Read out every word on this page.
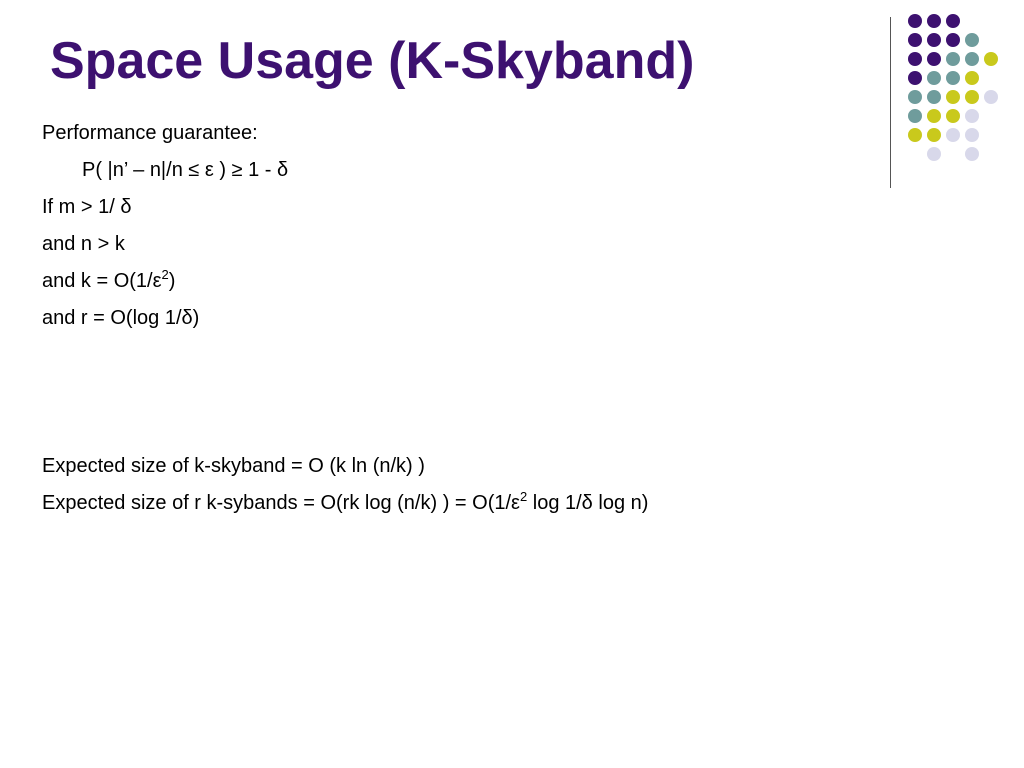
Space Usage (K-Skyband)
Performance guarantee:
P( |n’ – n|/n ≤ ε ) ≥ 1 - δ
If m > 1/ δ
and n > k
and $k = O(1/\varepsilon^2)$
and r = O(log 1/δ)
Expected size of k-skyband = O (k ln (n/k) )
Expected size of r k-sybands = O(rk log (n/k) ) = $O(1/\varepsilon^2$ log 1/δ log n)
